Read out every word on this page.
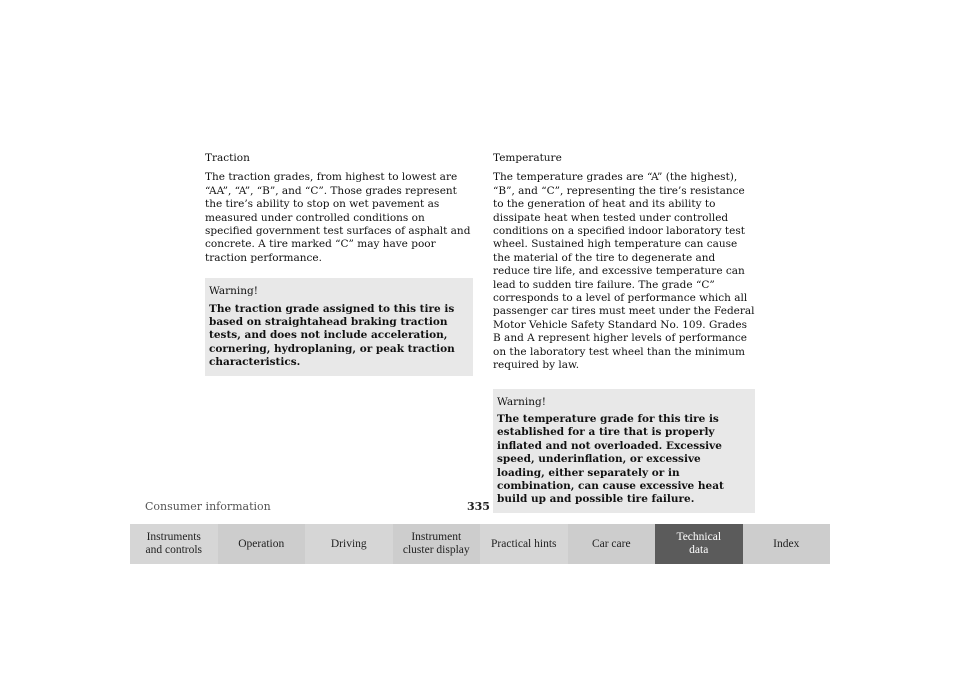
Traction

The traction grades, from highest to lowest are “AA”, “A”, “B”, and “C”. Those grades represent the tire’s ability to stop on wet pavement as measured under controlled conditions on specified government test surfaces of asphalt and concrete. A tire marked “C” may have poor traction performance.

Warning!

The traction grade assigned to this tire is based on straightahead braking traction tests, and does not include acceleration, cornering, hydroplaning, or peak traction characteristics.

Temperature

The temperature grades are “A” (the highest), “B”, and “C”, representing the tire’s resistance to the generation of heat and its ability to dissipate heat when tested under controlled conditions on a specified indoor laboratory test wheel. Sustained high temperature can cause the material of the tire to degenerate and reduce tire life, and excessive temperature can lead to sudden tire failure. The grade “C” corresponds to a level of performance which all passenger car tires must meet under the Federal Motor Vehicle Safety Standard No. 109. Grades B and A represent higher levels of performance on the laboratory test wheel than the minimum required by law.

Warning!

The temperature grade for this tire is established for a tire that is properly inflated and not overloaded. Excessive speed, underinflation, or excessive loading, either separately or in combination, can cause excessive heat build up and possible tire failure.

Consumer information	335
Instruments
and controls
Operation	Driving
Instrument
cluster display
Practical hints	Car care
Technical
data
Index
